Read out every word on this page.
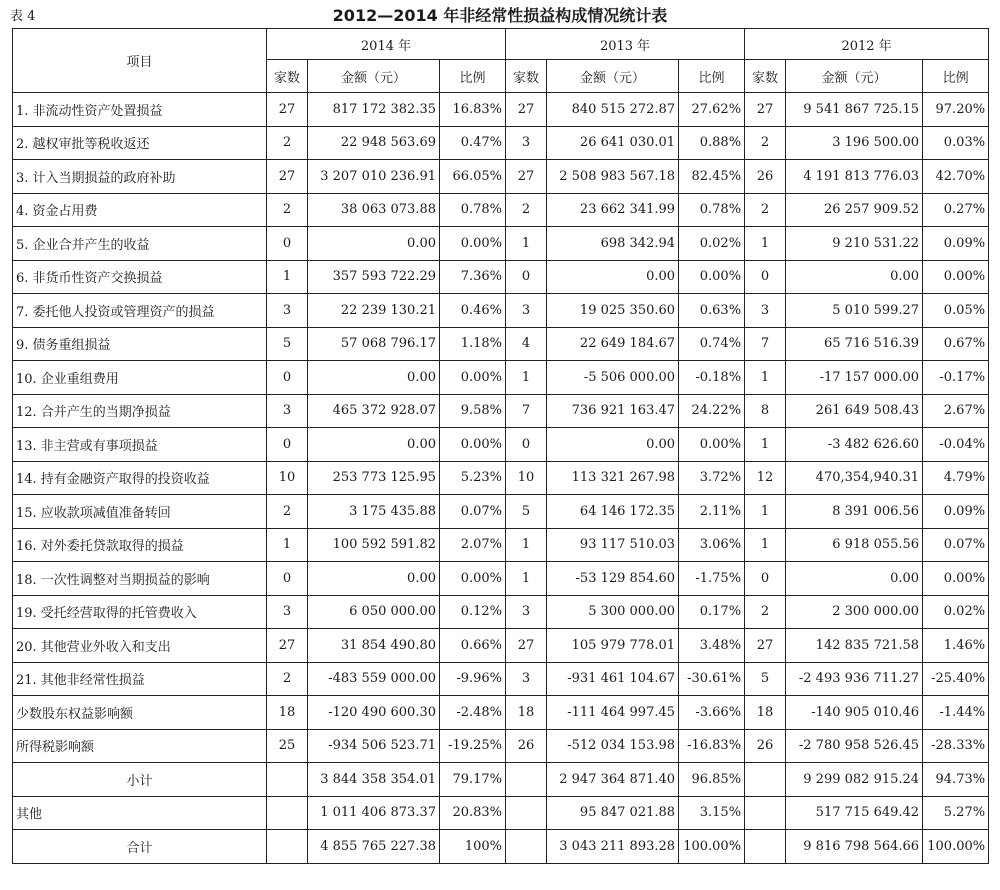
表 4	2012—2014 年非经常性损益构成情况统计表
项目	2014 年			2013 年			2012 年		
	家数	金额（元）	比例	家数	金额（元）	比例	家数	金额（元）	比例
1. 非流动性资产处置损益	27	817 172 382.35	16.83%	27	840 515 272.87	27.62%	27	9 541 867 725.15	97.20%
2. 越权审批等税收返还	2	22 948 563.69	0.47%	3	26 641 030.01	0.88%	2	3 196 500.00	0.03%
3. 计入当期损益的政府补助	27	3 207 010 236.91	66.05%	27	2 508 983 567.18	82.45%	26	4 191 813 776.03	42.70%
4. 资金占用费	2	38 063 073.88	0.78%	2	23 662 341.99	0.78%	2	26 257 909.52	0.27%
5. 企业合并产生的收益	0	0.00	0.00%	1	698 342.94	0.02%	1	9 210 531.22	0.09%
6. 非货币性资产交换损益	1	357 593 722.29	7.36%	0	0.00	0.00%	0	0.00	0.00%
7. 委托他人投资或管理资产的损益	3	22 239 130.21	0.46%	3	19 025 350.60	0.63%	3	5 010 599.27	0.05%
9. 债务重组损益	5	57 068 796.17	1.18%	4	22 649 184.67	0.74%	7	65 716 516.39	0.67%
10. 企业重组费用	0	0.00	0.00%	1	-5 506 000.00	-0.18%	1	-17 157 000.00	-0.17%
12. 合并产生的当期净损益	3	465 372 928.07	9.58%	7	736 921 163.47	24.22%	8	261 649 508.43	2.67%
13. 非主营或有事项损益	0	0.00	0.00%	0	0.00	0.00%	1	-3 482 626.60	-0.04%
14. 持有金融资产取得的投资收益	10	253 773 125.95	5.23%	10	113 321 267.98	3.72%	12	470,354,940.31	4.79%
15. 应收款项减值准备转回	2	3 175 435.88	0.07%	5	64 146 172.35	2.11%	1	8 391 006.56	0.09%
16. 对外委托贷款取得的损益	1	100 592 591.82	2.07%	1	93 117 510.03	3.06%	1	6 918 055.56	0.07%
18. 一次性调整对当期损益的影响	0	0.00	0.00%	1	-53 129 854.60	-1.75%	0	0.00	0.00%
19. 受托经营取得的托管费收入	3	6 050 000.00	0.12%	3	5 300 000.00	0.17%	2	2 300 000.00	0.02%
20. 其他营业外收入和支出	27	31 854 490.80	0.66%	27	105 979 778.01	3.48%	27	142 835 721.58	1.46%
21. 其他非经常性损益	2	-483 559 000.00	-9.96%	3	-931 461 104.67	-30.61%	5	-2 493 936 711.27	-25.40%
少数股东权益影响额	18	-120 490 600.30	-2.48%	18	-111 464 997.45	-3.66%	18	-140 905 010.46	-1.44%
所得税影响额	25	-934 506 523.71	-19.25%	26	-512 034 153.98	-16.83%	26	-2 780 958 526.45	-28.33%
小计		3 844 358 354.01	79.17%		2 947 364 871.40	96.85%		9 299 082 915.24	94.73%
其他		1 011 406 873.37	20.83%		95 847 021.88	3.15%		517 715 649.42	5.27%
合计		4 855 765 227.38	100%		3 043 211 893.28	100.00%		9 816 798 564.66	100.00%
